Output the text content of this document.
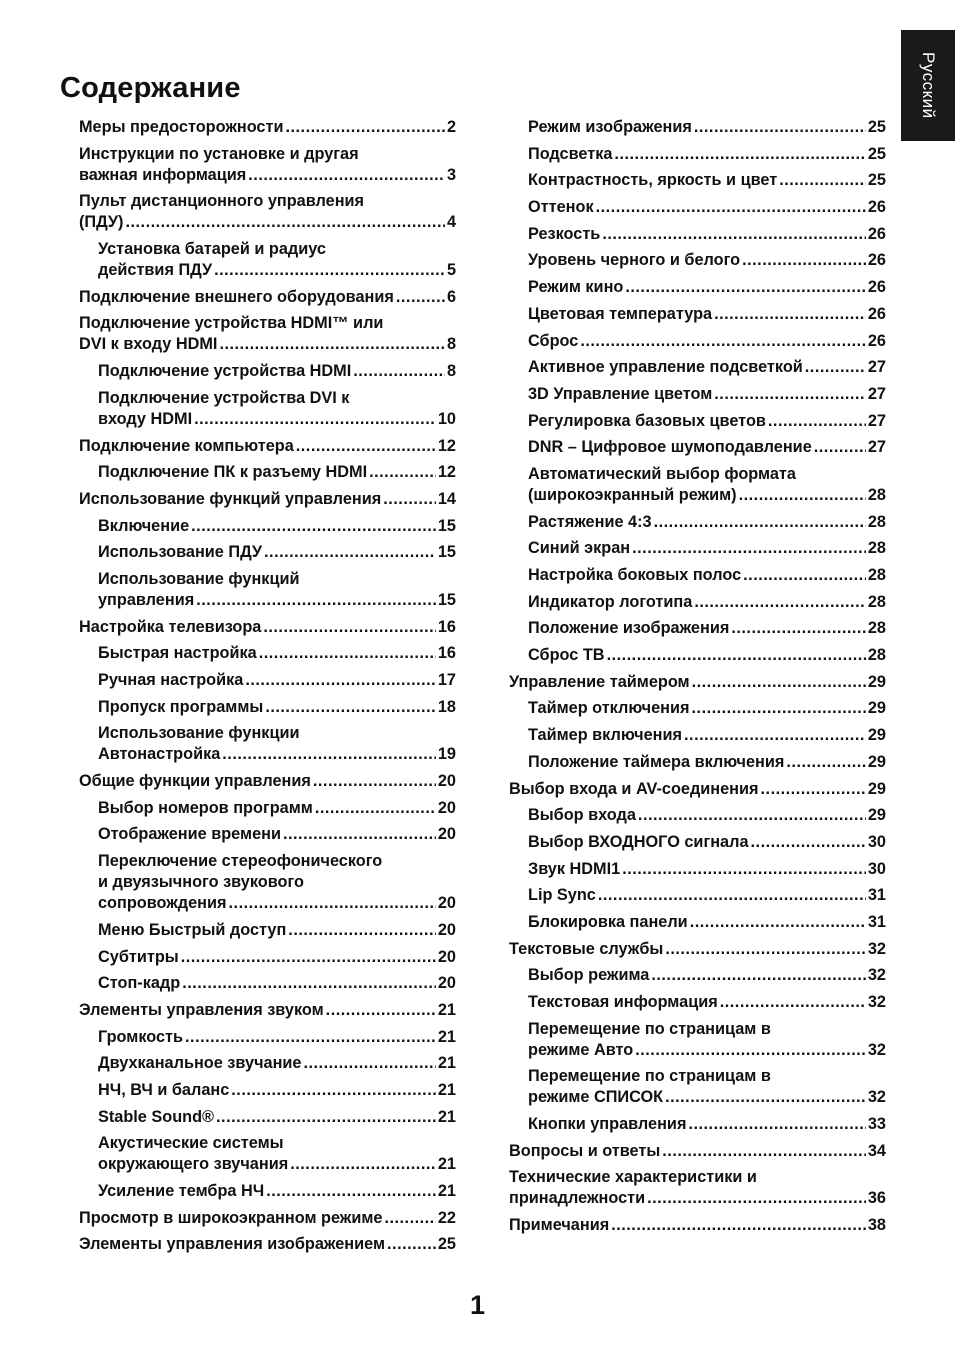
Русский
Содержание
Меры предосторожности .....	2
Инструкции по установке и другая
важная информация .....	3
Пульт дистанционного управления
(ПДУ) .....	4
Установка батарей и радиус
действия ПДУ .....	5
Подключение внешнего оборудования .....	6
Подключение устройства HDMI™ или
DVI к входу HDMI .....	8
Подключение устройства HDMI .....	8
Подключение устройства DVI к
входу HDMI .....	10
Подключение компьютера .....	12
Подключение ПК к разъему HDMI .....	12
Использование функций управления .....	14
Включение .....	15
Использование ПДУ .....	15
Использование функций
управления .....	15
Настройка телевизора .....	16
Быстрая настройка .....	16
Ручная настройка .....	17
Пропуск программы .....	18
Использование функции
Автонастройка .....	19
Общие функции управления .....	20
Выбор номеров программ .....	20
Отображение времени .....	20
Переключение стереофонического
и двуязычного звукового
сопровождения .....	20
Меню Быстрый доступ .....	20
Субтитры .....	20
Стоп-кадр .....	20
Элементы управления звуком .....	21
Громкость .....	21
Двухканальное звучание .....	21
НЧ, ВЧ и баланс .....	21
Stable Sound® .....	21
Акустические системы
окружающего звучания .....	21
Усиление тембра НЧ .....	21
Просмотр в широкоэкранном режиме .....	22
Элементы управления изображением .....	25
Режим изображения .....	25
Подсветка .....	25
Контрастность, яркость и цвет .....	25
Оттенок .....	26
Резкость .....	26
Уровень черного и белого .....	26
Режим кино .....	26
Цветовая температура .....	26
Сброс .....	26
Активное управление подсветкой .....	27
3D Управление цветом .....	27
Регулировка базовых цветов .....	27
DNR – Цифровое шумоподавление .....	27
Автоматический выбор формата
(широкоэкранный режим) .....	28
Растяжение 4:3 .....	28
Синий экран .....	28
Настройка боковых полос .....	28
Индикатор логотипа .....	28
Положение изображения .....	28
Сброс ТВ .....	28
Управление таймером .....	29
Таймер отключения .....	29
Таймер включения .....	29
Положение таймера включения .....	29
Выбор входа и AV-соединения .....	29
Выбор входа .....	29
Выбор ВХОДНОГО сигнала .....	30
Звук HDMI1 .....	30
Lip Sync .....	31
Блокировка панели .....	31
Текстовые службы .....	32
Выбор режима .....	32
Текстовая информация .....	32
Перемещение по страницам в
режиме Авто .....	32
Перемещение по страницам в
режиме СПИСОК .....	32
Кнопки управления .....	33
Вопросы и ответы .....	34
Технические характеристики и
принадлежности .....	36
Примечания .....	38
1
